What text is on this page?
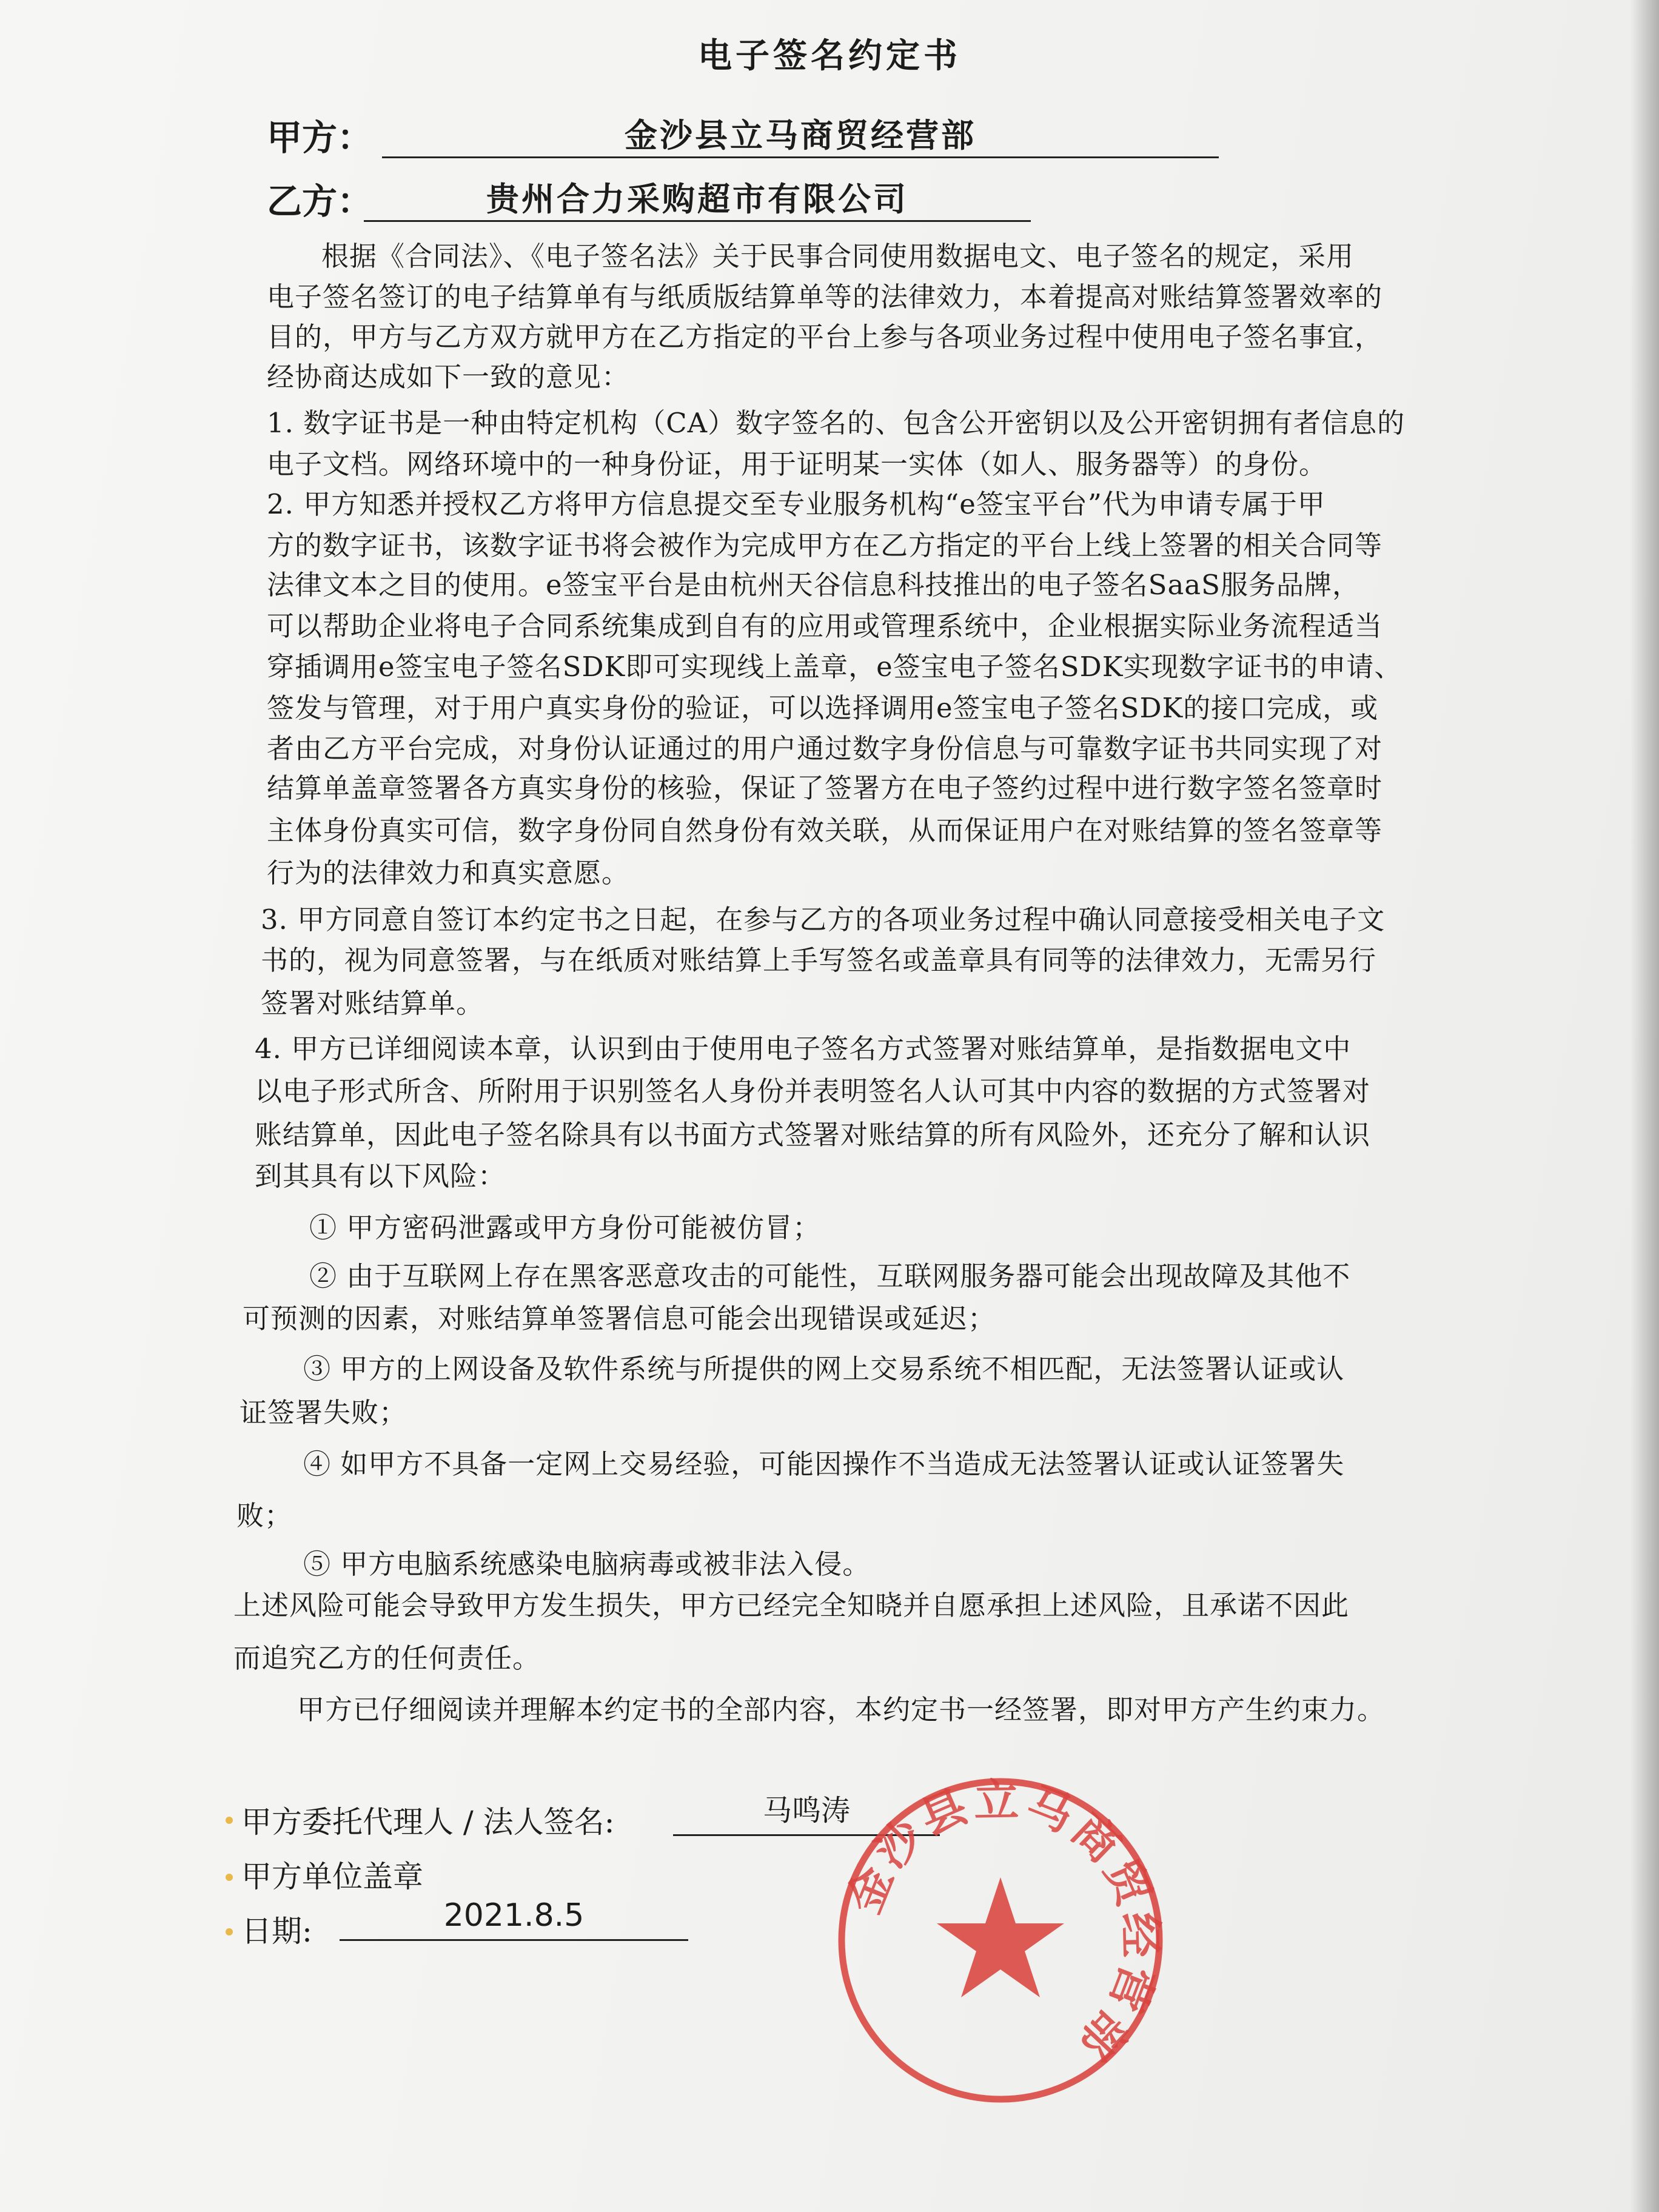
电子签名约定书
甲方：	金沙县立马商贸经营部
乙方：	贵州合力采购超市有限公司
根据《合同法》、《电子签名法》关于民事合同使用数据电文、电子签名的规定，采用
电子签名签订的电子结算单有与纸质版结算单等的法律效力，本着提高对账结算签署效率的
目的，甲方与乙方双方就甲方在乙方指定的平台上参与各项业务过程中使用电子签名事宜，
经协商达成如下一致的意见：
1. 数字证书是一种由特定机构（CA）数字签名的、包含公开密钥以及公开密钥拥有者信息的
电子文档。网络环境中的一种身份证，用于证明某一实体（如人、服务器等）的身份。
2. 甲方知悉并授权乙方将甲方信息提交至专业服务机构“e签宝平台”代为申请专属于甲
方的数字证书，该数字证书将会被作为完成甲方在乙方指定的平台上线上签署的相关合同等
法律文本之目的使用。e签宝平台是由杭州天谷信息科技推出的电子签名SaaS服务品牌，
可以帮助企业将电子合同系统集成到自有的应用或管理系统中，企业根据实际业务流程适当
穿插调用e签宝电子签名SDK即可实现线上盖章，e签宝电子签名SDK实现数字证书的申请、
签发与管理，对于用户真实身份的验证，可以选择调用e签宝电子签名SDK的接口完成，或
者由乙方平台完成，对身份认证通过的用户通过数字身份信息与可靠数字证书共同实现了对
结算单盖章签署各方真实身份的核验，保证了签署方在电子签约过程中进行数字签名签章时
主体身份真实可信，数字身份同自然身份有效关联，从而保证用户在对账结算的签名签章等
行为的法律效力和真实意愿。
3. 甲方同意自签订本约定书之日起，在参与乙方的各项业务过程中确认同意接受相关电子文
书的，视为同意签署，与在纸质对账结算上手写签名或盖章具有同等的法律效力，无需另行
签署对账结算单。
4. 甲方已详细阅读本章，认识到由于使用电子签名方式签署对账结算单，是指数据电文中
以电子形式所含、所附用于识别签名人身份并表明签名人认可其中内容的数据的方式签署对
账结算单，因此电子签名除具有以书面方式签署对账结算的所有风险外，还充分了解和认识
到其具有以下风险：
① 甲方密码泄露或甲方身份可能被仿冒；
② 由于互联网上存在黑客恶意攻击的可能性，互联网服务器可能会出现故障及其他不
可预测的因素，对账结算单签署信息可能会出现错误或延迟；
③ 甲方的上网设备及软件系统与所提供的网上交易系统不相匹配，无法签署认证或认
证签署失败；
④ 如甲方不具备一定网上交易经验，可能因操作不当造成无法签署认证或认证签署失
败；
⑤ 甲方电脑系统感染电脑病毒或被非法入侵。
上述风险可能会导致甲方发生损失，甲方已经完全知晓并自愿承担上述风险，且承诺不因此
而追究乙方的任何责任。
甲方已仔细阅读并理解本约定书的全部内容，本约定书一经签署，即对甲方产生约束力。
甲方委托代理人 / 法人签名:	马鸣涛
甲方单位盖章
日期:	2021.8.5	金沙县立马商贸经营部
